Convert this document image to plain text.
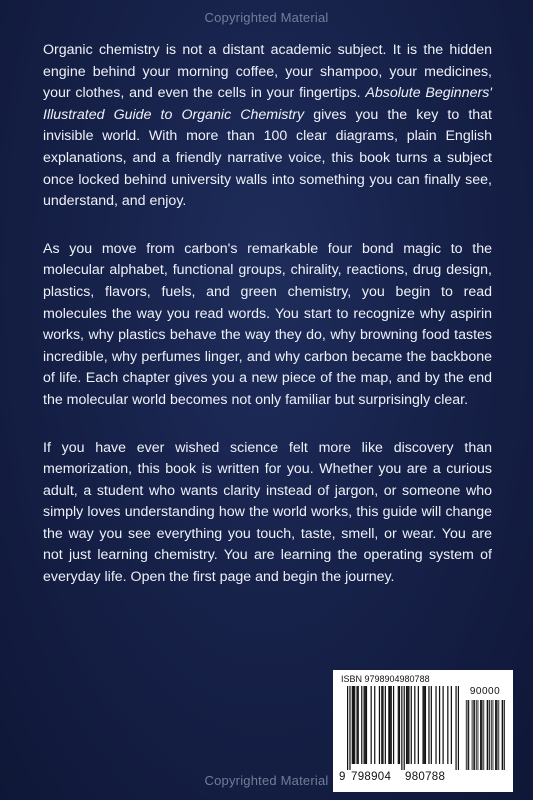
Copyrighted Material

Organic chemistry is not a distant academic subject. It is the hidden engine behind your morning coffee, your shampoo, your medicines, your clothes, and even the cells in your fingertips. Absolute Beginners' Illustrated Guide to Organic Chemistry gives you the key to that invisible world. With more than 100 clear diagrams, plain English explanations, and a friendly narrative voice, this book turns a subject once locked behind university walls into something you can finally see, understand, and enjoy.

As you move from carbon's remarkable four bond magic to the molecular alphabet, functional groups, chirality, reactions, drug design, plastics, flavors, fuels, and green chemistry, you begin to read molecules the way you read words. You start to recognize why aspirin works, why plastics behave the way they do, why browning food tastes incredible, why perfumes linger, and why carbon became the backbone of life. Each chapter gives you a new piece of the map, and by the end the molecular world becomes not only familiar but surprisingly clear.

If you have ever wished science felt more like discovery than memorization, this book is written for you. Whether you are a curious adult, a student who wants clarity instead of jargon, or someone who simply loves understanding how the world works, this guide will change the way you see everything you touch, taste, smell, or wear. You are not just learning chemistry. You are learning the operating system of everyday life. Open the first page and begin the journey.

ISBN 9798904980788
90000
9 798904 980788
Copyrighted Material
